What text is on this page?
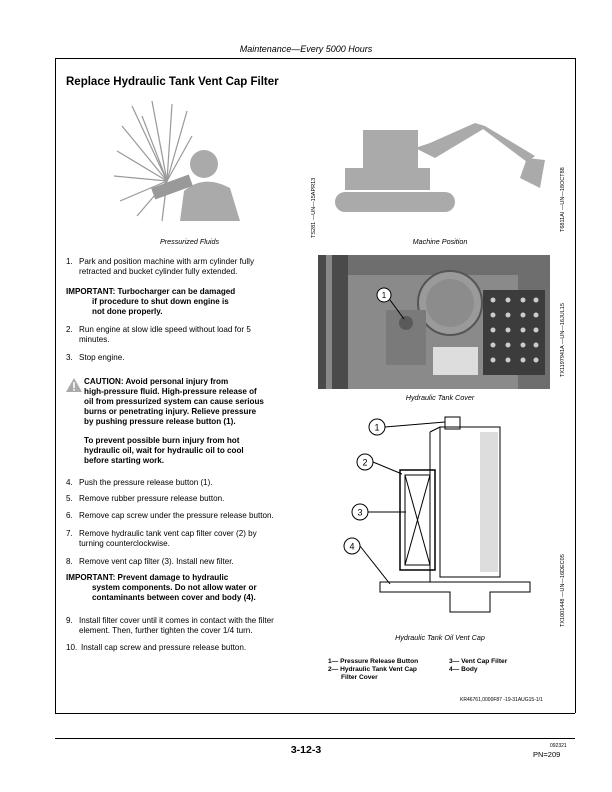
Maintenance—Every 5000 Hours
Replace Hydraulic Tank Vent Cap Filter
Pressurized Fluids
TS281 —UN—15APR13
Machine Position
T6811AI —UN—18OCT88
1. Park and position machine with arm cylinder fully
retracted and bucket cylinder fully extended.
IMPORTANT: Turbocharger can be damaged
if procedure to shut down engine is
not done properly.
2. Run engine at slow idle speed without load for 5
minutes.
3. Stop engine.
CAUTION: Avoid personal injury from
high-pressure fluid. High-pressure release of
oil from pressurized system can cause serious
burns or penetrating injury. Relieve pressure
by pushing pressure release button (1).
To prevent possible burn injury from hot
hydraulic oil, wait for hydraulic oil to cool
before starting work.
4. Push the pressure release button (1).
5. Remove rubber pressure release button.
6. Remove cap screw under the pressure release button.
7. Remove hydraulic tank vent cap filter cover (2) by
turning counterclockwise.
8. Remove vent cap filter (3). Install new filter.
IMPORTANT: Prevent damage to hydraulic
system components. Do not allow water or
contaminants between cover and body (4).
9. Install filter cover until it comes in contact with the filter
element. Then, further tighten the cover 1/4 turn.
10. Install cap screw and pressure release button.
1
Hydraulic Tank Cover
TX1197941A —UN—16JUL15
1
2
3
4
Hydraulic Tank Oil Vent Cap
TX1001448 —UN—16DEC05
1— Pressure Release Button
2— Hydraulic Tank Vent Cap
Filter Cover
3— Vent Cap Filter
4— Body
KR46761,0000F87 -19-31AUG15-1/1
3-12-3	092321
PN=209
